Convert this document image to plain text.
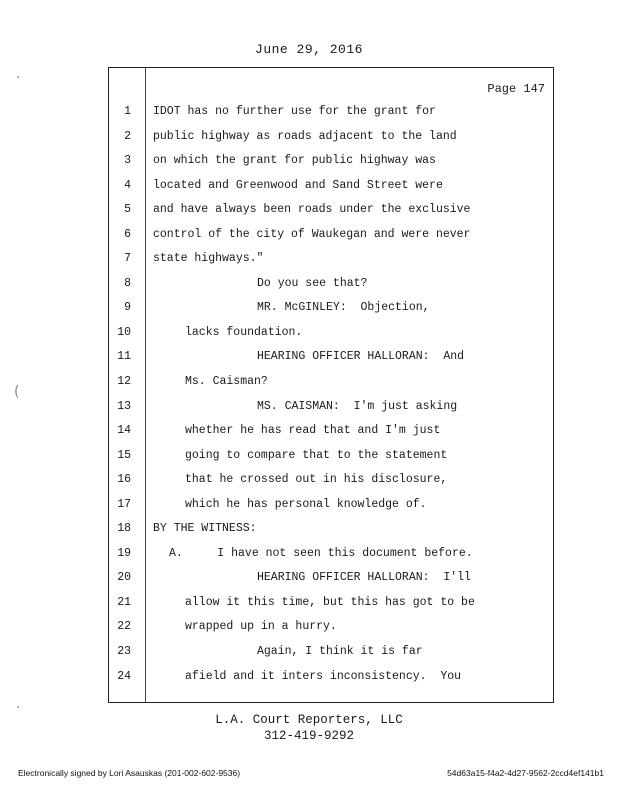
June 29, 2016
Page 147
1 IDOT has no further use for the grant for
2 public highway as roads adjacent to the land
3 on which the grant for public highway was
4 located and Greenwood and Sand Street were
5 and have always been roads under the exclusive
6 control of the city of Waukegan and were never
7 state highways."
8	Do you see that?
9	MR. McGINLEY:  Objection,
10	lacks foundation.
11	HEARING OFFICER HALLORAN:  And
12	Ms. Caisman?
13	MS. CAISMAN:  I'm just asking
14	whether he has read that and I'm just
15	going to compare that to the statement
16	that he crossed out in his disclosure,
17	which he has personal knowledge of.
18 BY THE WITNESS:
19	A.     I have not seen this document before.
20	HEARING OFFICER HALLORAN:  I'll
21	allow it this time, but this has got to be
22	wrapped up in a hurry.
23	Again, I think it is far
24	afield and it inters inconsistency.  You
L.A. Court Reporters, LLC
312-419-9292
Electronically signed by Lori Asauskas (201-002-602-9536)	54d63a15-f4a2-4d27-9562-2ccd4ef141b1
·
(
·
